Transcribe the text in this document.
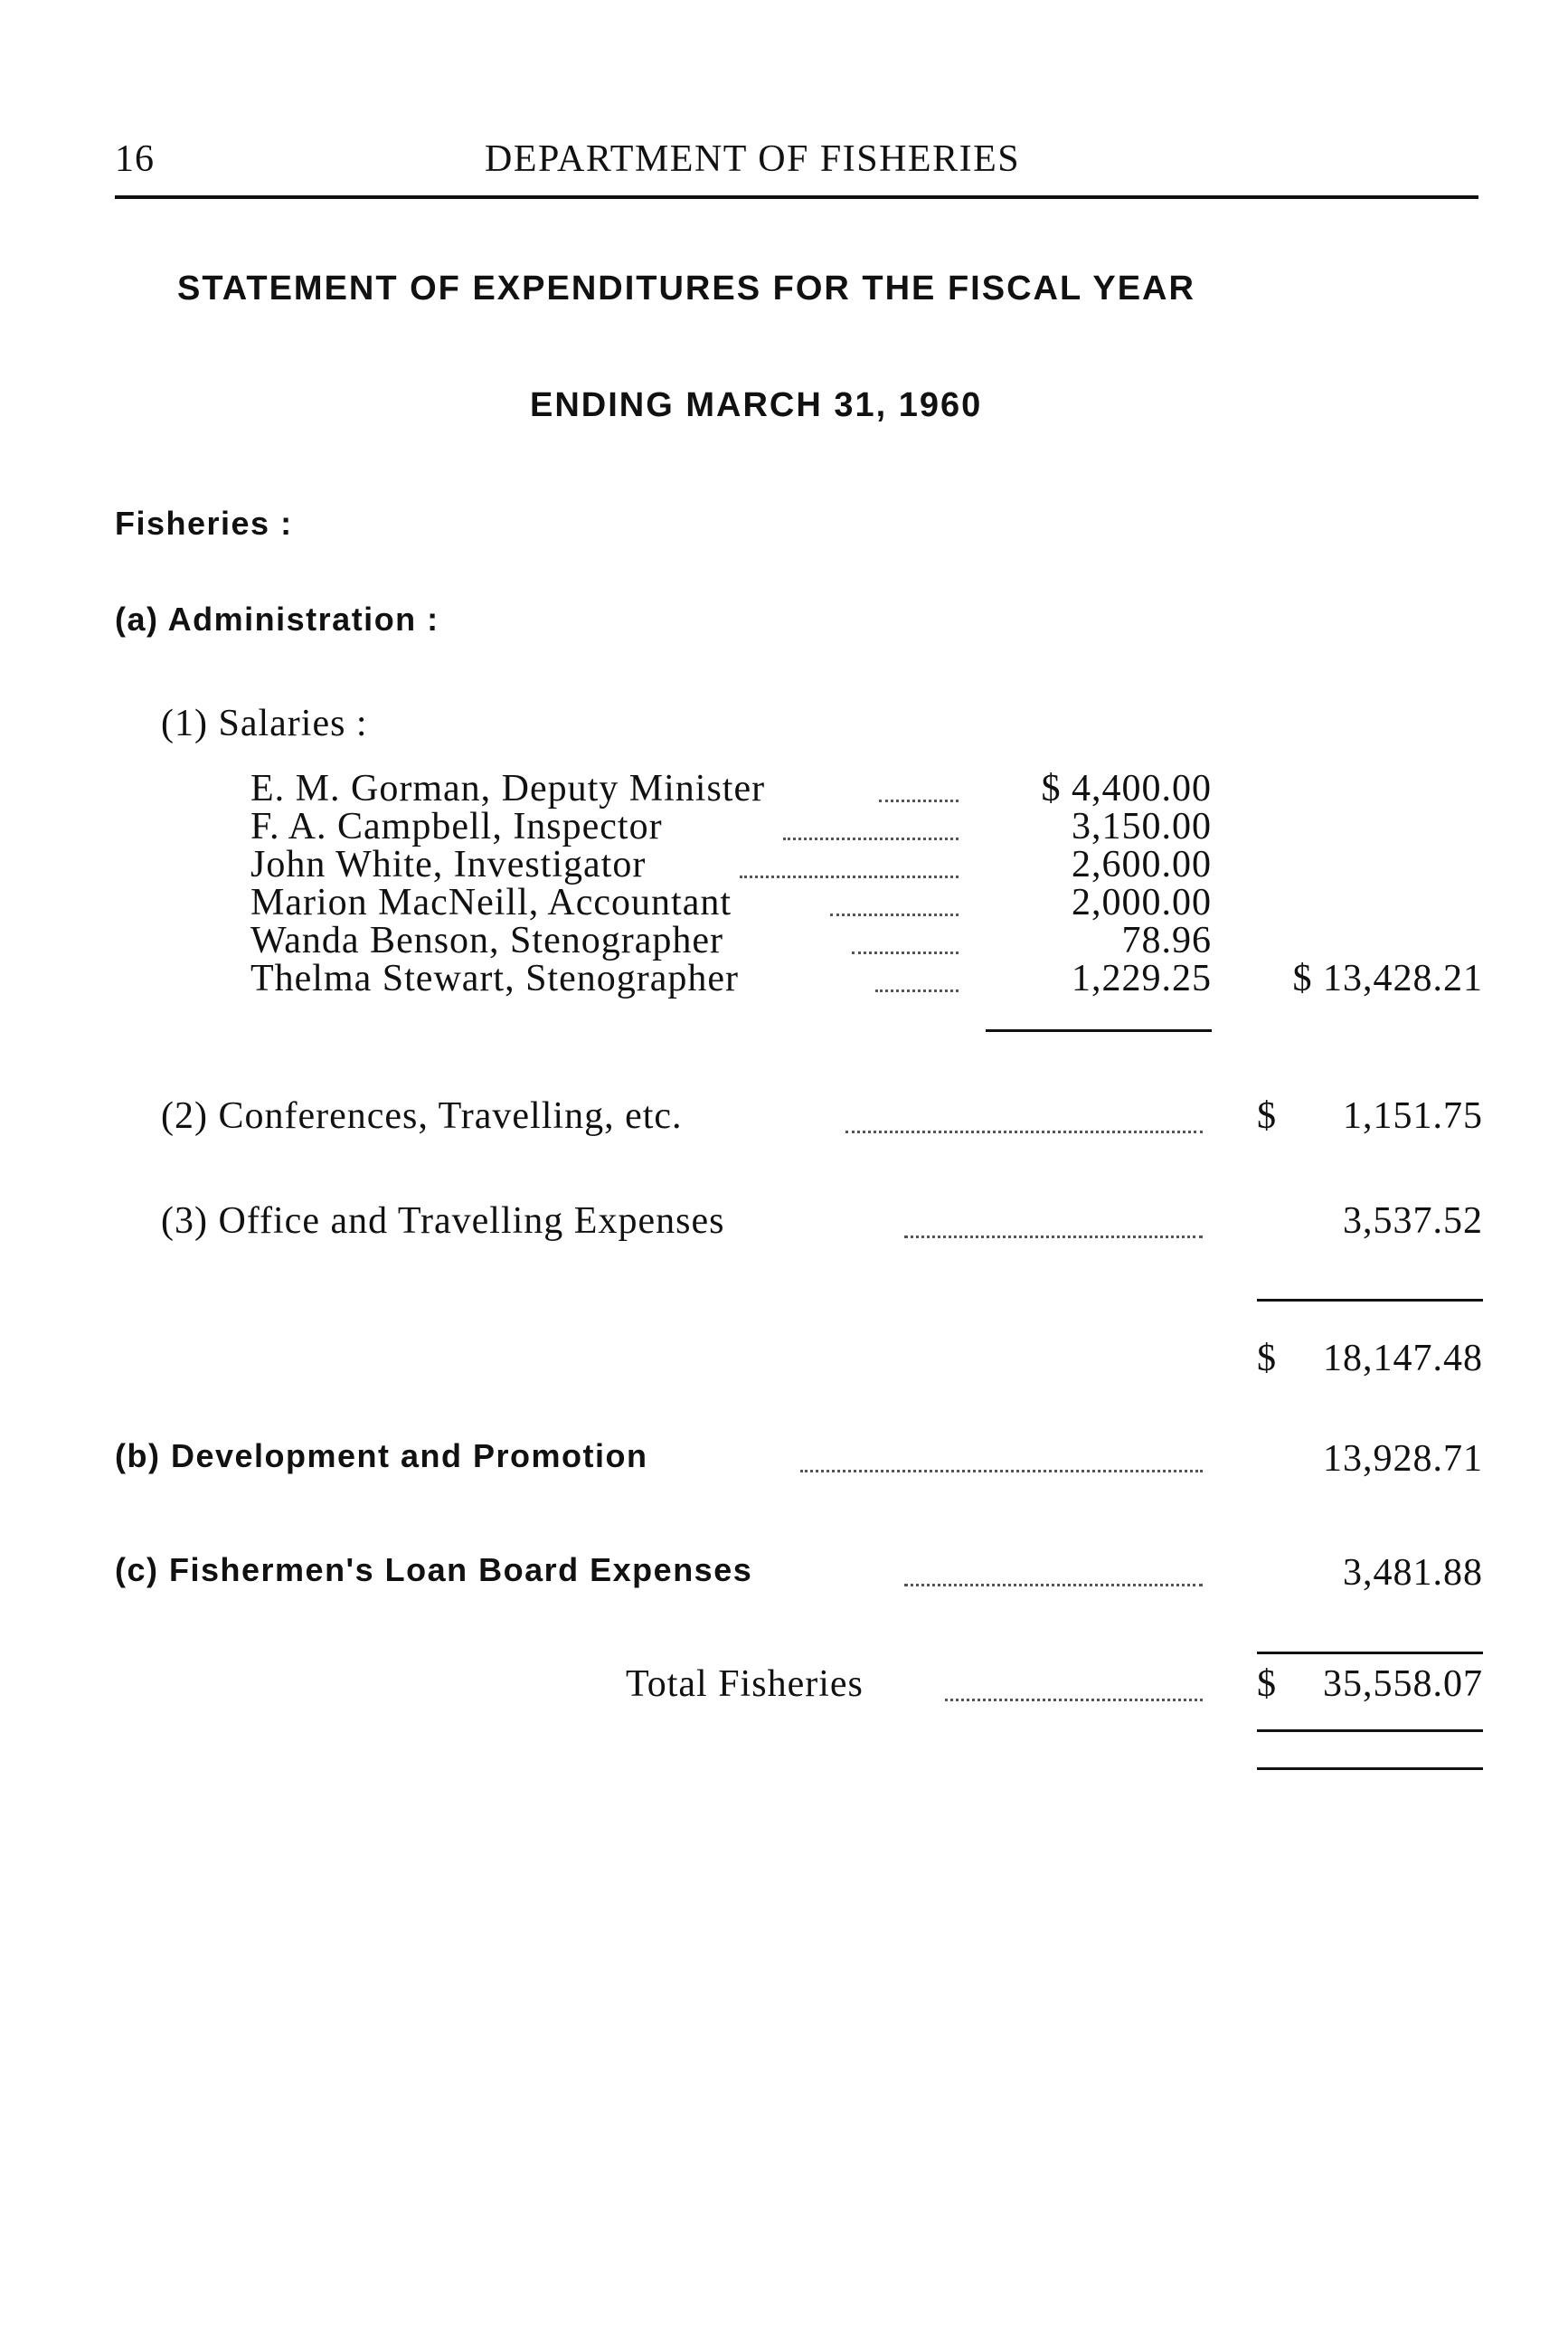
16	DEPARTMENT OF FISHERIES
STATEMENT OF EXPENDITURES FOR THE FISCAL YEAR
ENDING MARCH 31, 1960
Fisheries :
(a) Administration :
(1) Salaries :
E. M. Gorman, Deputy Minister	$ 4,400.00
F. A. Campbell, Inspector	3,150.00
John White, Investigator	2,600.00
Marion MacNeill, Accountant	2,000.00
Wanda Benson, Stenographer	78.96
Thelma Stewart, Stenographer	1,229.25	$ 13,428.21
(2) Conferences, Travelling, etc.	$	1,151.75
(3) Office and Travelling Expenses	3,537.52
$	18,147.48
(b) Development and Promotion	13,928.71
(c) Fishermen's Loan Board Expenses	3,481.88
Total Fisheries	$	35,558.07
